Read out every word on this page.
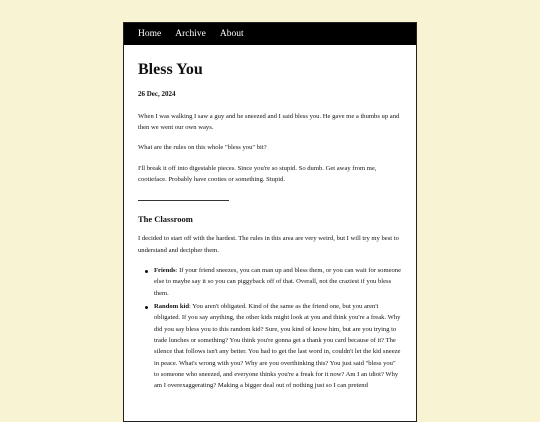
Home Archive About
Bless You
26 Dec, 2024

When I was walking I saw a guy and he sneezed and I said bless you. He gave me a thumbs up and then we went our own ways.

What are the rules on this whole "bless you" bit?

I'll break it off into digestable pieces. Since you're so stupid. So dumb. Get away from me, cootieface. Probably have cooties or something. Stupid.

The Classroom

I decided to start off with the hardest. The rules in this area are very weird, but I will try my best to understand and decipher them.

Friends: If your friend sneezes, you can man up and bless them, or you can wait for someone else to maybe say it so you can piggyback off of that. Overall, not the craziest if you bless them.
Random kid: You aren't obligated. Kind of the same as the friend one, but you aren't obligated. If you say anything, the other kids might look at you and think you're a freak. Why did you say bless you to this random kid? Sure, you kind of know him, but are you trying to trade lunches or something? You think you're gonna get a thank you card because of it? The silence that follows isn't any better. You had to get the last word in, couldn't let the kid sneeze in peace. What's wrong with you? Why are you overthinking this? You just said "bless you" to someone who sneezed, and everyone thinks you're a freak for it now? Am I an idiot? Why am I overexaggerating? Making a bigger deal out of nothing just so I can pretend
